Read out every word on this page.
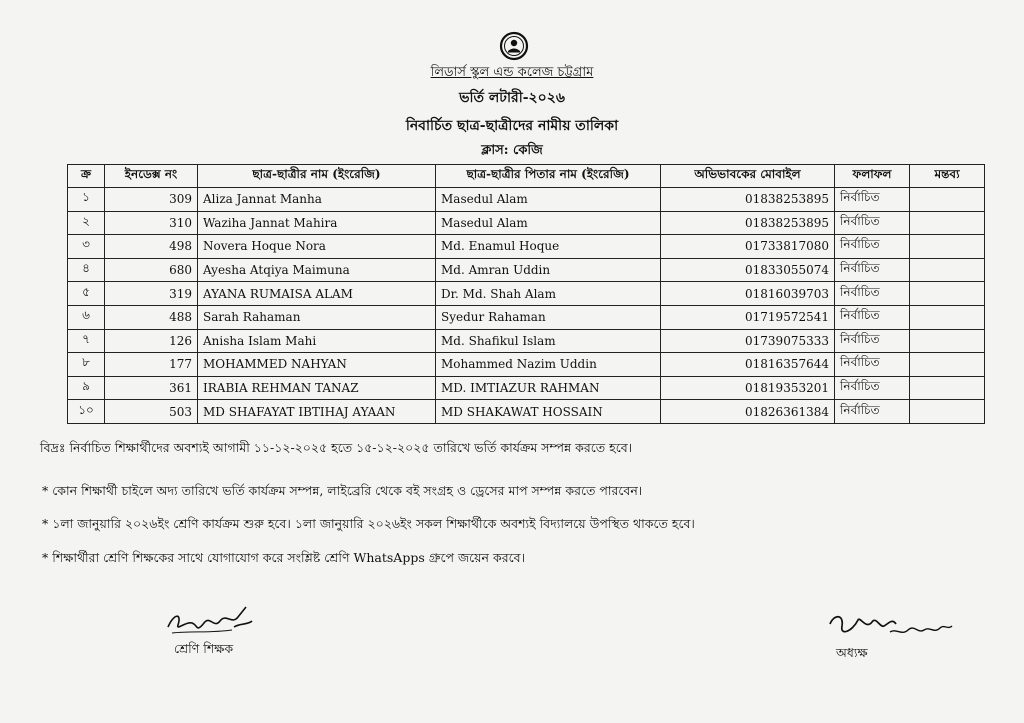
লিডার্স স্কুল এন্ড কলেজ চট্টগ্রাম
ভর্তি লটারী-২০২৬
নিবার্চিত ছাত্র-ছাত্রীদের নামীয় তালিকা
ক্লাস: কেজি
ক্র	ইনডেক্স নং	ছাত্র-ছাত্রীর নাম (ইংরেজি)	ছাত্র-ছাত্রীর পিতার নাম (ইংরেজি)	অভিভাবকের মোবাইল	ফলাফল	মন্তব্য
১	309	Aliza Jannat Manha	Masedul Alam	01838253895	নির্বাচিত	
২	310	Waziha Jannat Mahira	Masedul Alam	01838253895	নির্বাচিত	
৩	498	Novera Hoque Nora	Md. Enamul Hoque	01733817080	নির্বাচিত	
৪	680	Ayesha Atqiya Maimuna	Md. Amran Uddin	01833055074	নির্বাচিত	
৫	319	AYANA RUMAISA ALAM	Dr. Md. Shah Alam	01816039703	নির্বাচিত	
৬	488	Sarah Rahaman	Syedur Rahaman	01719572541	নির্বাচিত	
৭	126	Anisha Islam Mahi	Md. Shafikul Islam	01739075333	নির্বাচিত	
৮	177	MOHAMMED NAHYAN	Mohammed Nazim Uddin	01816357644	নির্বাচিত	
৯	361	IRABIA REHMAN TANAZ	MD. IMTIAZUR RAHMAN	01819353201	নির্বাচিত	
১০	503	MD SHAFAYAT IBTIHAJ AYAAN	MD SHAKAWAT HOSSAIN	01826361384	নির্বাচিত	
বিদ্রঃ নির্বাচিত শিক্ষার্থীদের অবশ্যই আগামী ১১-১২-২০২৫ হতে ১৫-১২-২০২৫ তারিখে ভর্তি কার্যক্রম সম্পন্ন করতে হবে।
* কোন শিক্ষার্থী চাইলে অদ্য তারিখে ভর্তি কার্যক্রম সম্পন্ন, লাইব্রেরি থেকে বই সংগ্রহ ও ড্রেসের মাপ সম্পন্ন করতে পারবেন।
* ১লা জানুয়ারি ২০২৬ইং শ্রেণি কার্যক্রম শুরু হবে। ১লা জানুয়ারি ২০২৬ইং সকল শিক্ষার্থীকে অবশ্যই বিদ্যালয়ে উপস্থিত থাকতে হবে।
* শিক্ষার্থীরা শ্রেণি শিক্ষকের সাথে যোগাযোগ করে সংশ্লিষ্ট শ্রেণি WhatsApps গ্রুপে জয়েন করবে।
শ্রেণি শিক্ষক	অধ্যক্ষ
